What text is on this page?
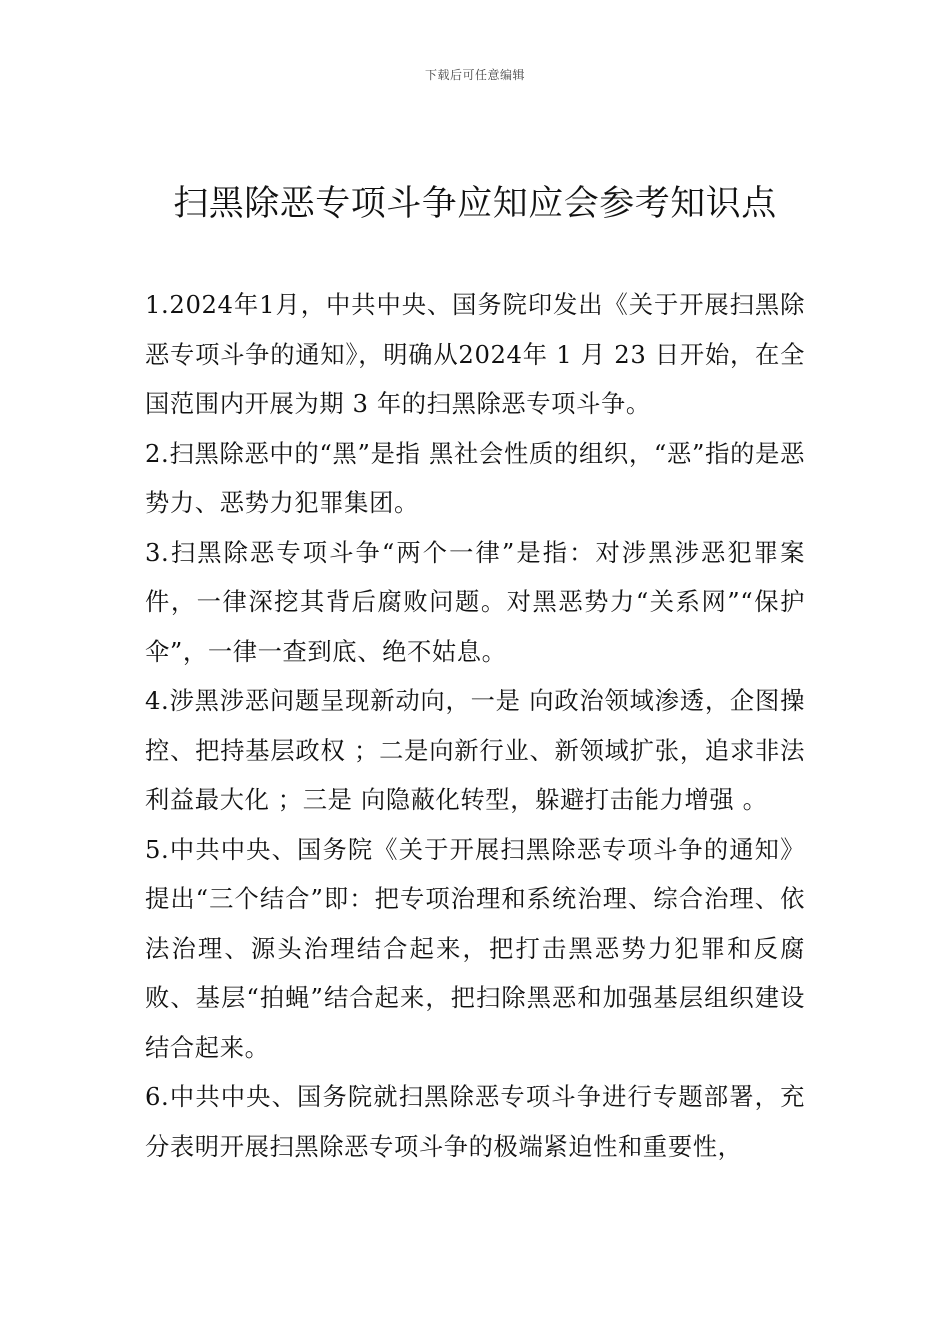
下载后可任意编辑
扫黑除恶专项斗争应知应会参考知识点

1.2024年1月，中共中央、国务院印发出《关于开展扫黑除恶专项斗争的通知》，明确从2024年 1 月 23 日开始，在全国范围内开展为期 3 年的扫黑除恶专项斗争。

2.扫黑除恶中的“黑”是指 黑社会性质的组织，“恶”指的是恶势力、恶势力犯罪集团。

3.扫黑除恶专项斗争“两个一律”是指：对涉黑涉恶犯罪案件，一律深挖其背后腐败问题。对黑恶势力“关系网”“保护伞”，一律一查到底、绝不姑息。

4.涉黑涉恶问题呈现新动向，一是 向政治领域渗透，企图操控、把持基层政权 ；二是向新行业、新领域扩张，追求非法利益最大化 ；三是 向隐蔽化转型，躲避打击能力增强 。

5.中共中央、国务院《关于开展扫黑除恶专项斗争的通知》提出“三个结合”即：把专项治理和系统治理、综合治理、依法治理、源头治理结合起来，把打击黑恶势力犯罪和反腐败、基层“拍蝇”结合起来，把扫除黑恶和加强基层组织建设结合起来。

6.中共中央、国务院就扫黑除恶专项斗争进行专题部署，充分表明开展扫黑除恶专项斗争的极端紧迫性和重要性，
